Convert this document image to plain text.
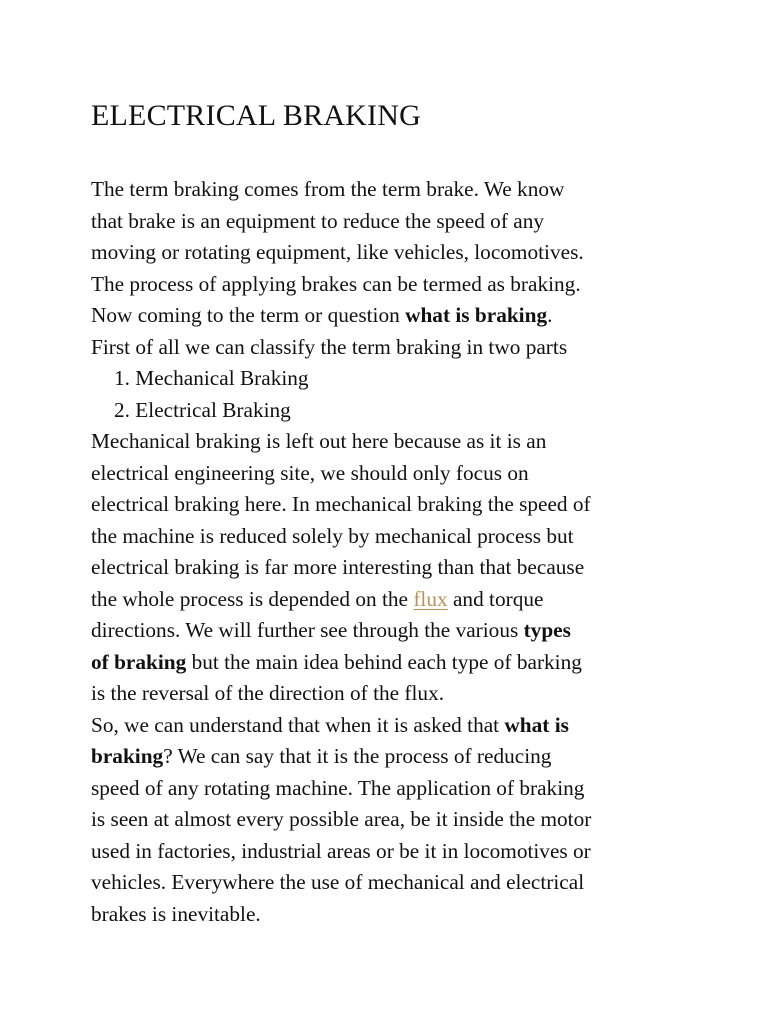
ELECTRICAL BRAKING
The term braking comes from the term brake. We know
that brake is an equipment to reduce the speed of any
moving or rotating equipment, like vehicles, locomotives.
The process of applying brakes can be termed as braking.
Now coming to the term or question what is braking.
First of all we can classify the term braking in two parts
1. Mechanical Braking
2. Electrical Braking
Mechanical braking is left out here because as it is an
electrical engineering site, we should only focus on
electrical braking here. In mechanical braking the speed of
the machine is reduced solely by mechanical process but
electrical braking is far more interesting than that because
the whole process is depended on the flux and torque
directions. We will further see through the various types
of braking but the main idea behind each type of barking
is the reversal of the direction of the flux.
So, we can understand that when it is asked that what is
braking? We can say that it is the process of reducing
speed of any rotating machine. The application of braking
is seen at almost every possible area, be it inside the motor
used in factories, industrial areas or be it in locomotives or
vehicles. Everywhere the use of mechanical and electrical
brakes is inevitable.
